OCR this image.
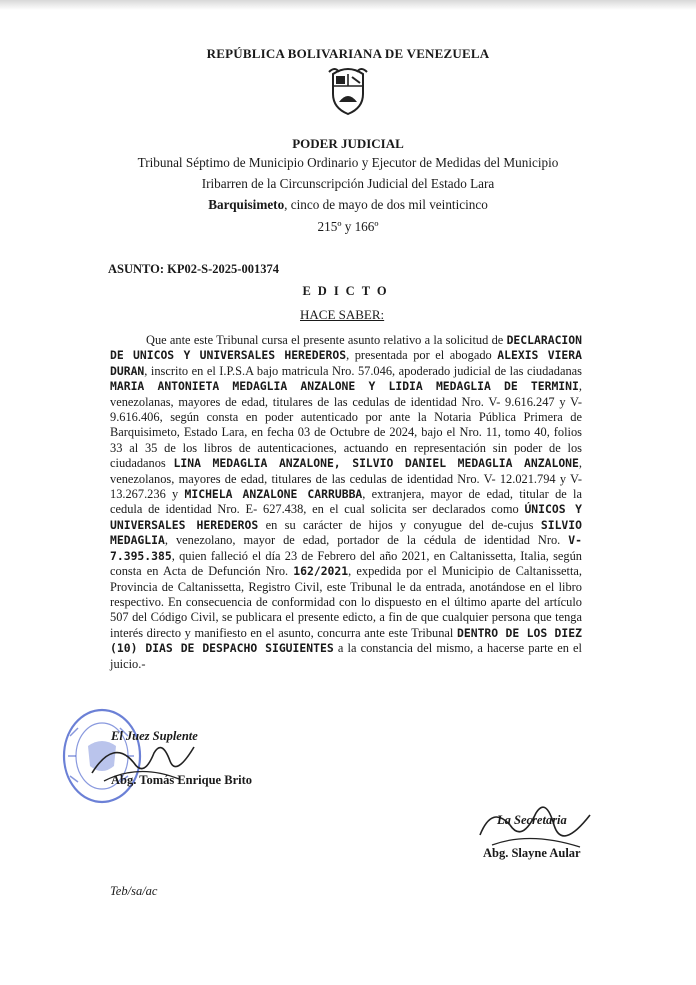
REPÚBLICA BOLIVARIANA DE VENEZUELA
PODER JUDICIAL
Tribunal Séptimo de Municipio Ordinario y Ejecutor de Medidas del Municipio
Iribarren de la Circunscripción Judicial del Estado Lara
Barquisimeto, cinco de mayo de dos mil veinticinco
215º y 166º
ASUNTO: KP02-S-2025-001374
EDICTO
HACE SABER:
Que ante este Tribunal cursa el presente asunto relativo a la solicitud de DECLARACION DE UNICOS Y UNIVERSALES HEREDEROS, presentada por el abogado ALEXIS VIERA DURAN, inscrito en el I.P.S.A bajo matricula Nro. 57.046, apoderado judicial de las ciudadanas MARIA ANTONIETA MEDAGLIA ANZALONE Y LIDIA MEDAGLIA DE TERMINI, venezolanas, mayores de edad, titulares de las cedulas de identidad Nro. V- 9.616.247 y V- 9.616.406, según consta en poder autenticado por ante la Notaria Pública Primera de Barquisimeto, Estado Lara, en fecha 03 de Octubre de 2024, bajo el Nro. 11, tomo 40, folios 33 al 35 de los libros de autenticaciones, actuando en representación sin poder de los ciudadanos LINA MEDAGLIA ANZALONE, SILVIO DANIEL MEDAGLIA ANZALONE, venezolanos, mayores de edad, titulares de las cedulas de identidad Nro. V- 12.021.794 y V- 13.267.236 y MICHELA ANZALONE CARRUBBA, extranjera, mayor de edad, titular de la cedula de identidad Nro. E- 627.438, en el cual solicita ser declarados como ÚNICOS Y UNIVERSALES HEREDEROS en su carácter de hijos y conyugue del de-cujus SILVIO MEDAGLIA, venezolano, mayor de edad, portador de la cédula de identidad Nro. V- 7.395.385, quien falleció el día 23 de Febrero del año 2021, en Caltanissetta, Italia, según consta en Acta de Defunción Nro. 162/2021, expedida por el Municipio de Caltanissetta, Provincia de Caltanissetta, Registro Civil, este Tribunal le da entrada, anotándose en el libro respectivo. En consecuencia de conformidad con lo dispuesto en el último aparte del artículo 507 del Código Civil, se publicara el presente edicto, a fin de que cualquier persona que tenga interés directo y manifiesto en el asunto, concurra ante este Tribunal DENTRO DE LOS DIEZ (10) DIAS DE DESPACHO SIGUIENTES a la constancia del mismo, a hacerse parte en el juicio.-
El Juez Suplente
Abg. Tomás Enrique Brito
La Secretaria
Abg. Slayne Aular
Teb/sa/ac
